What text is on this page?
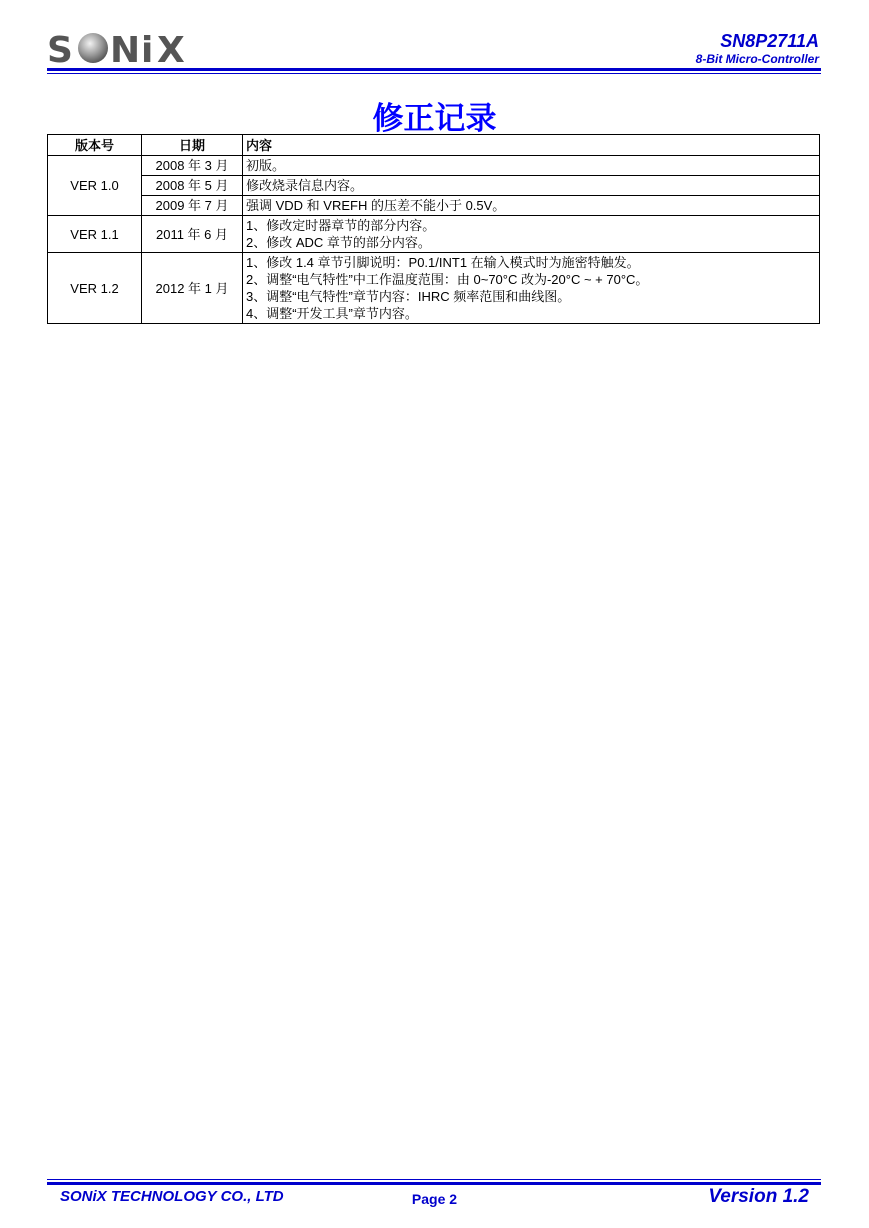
S N i X	SN8P2711A
8-Bit Micro-Controller
修正记录
版本号	日期	内容
VER 1.0	2008 年 3 月	初版。

	2008 年 5 月	修改烧录信息内容。

	2009 年 7 月	强调 VDD 和 VREFH 的压差不能小于 0.5V。

VER 1.1	2011 年 6 月	1、修改定时器章节的部分内容。
2、修改 ADC 章节的部分内容。

VER 1.2	2012 年 1 月	1、修改 1.4 章节引脚说明：P0.1/INT1 在输入模式时为施密特触发。
2、调整“电气特性”中工作温度范围：由 0~70°C 改为-20°C ~ + 70°C。
3、调整“电气特性”章节内容：IHRC 频率范围和曲线图。
4、调整“开发工具”章节内容。
SONiX TECHNOLOGY CO., LTD	Page 2	Version 1.2
